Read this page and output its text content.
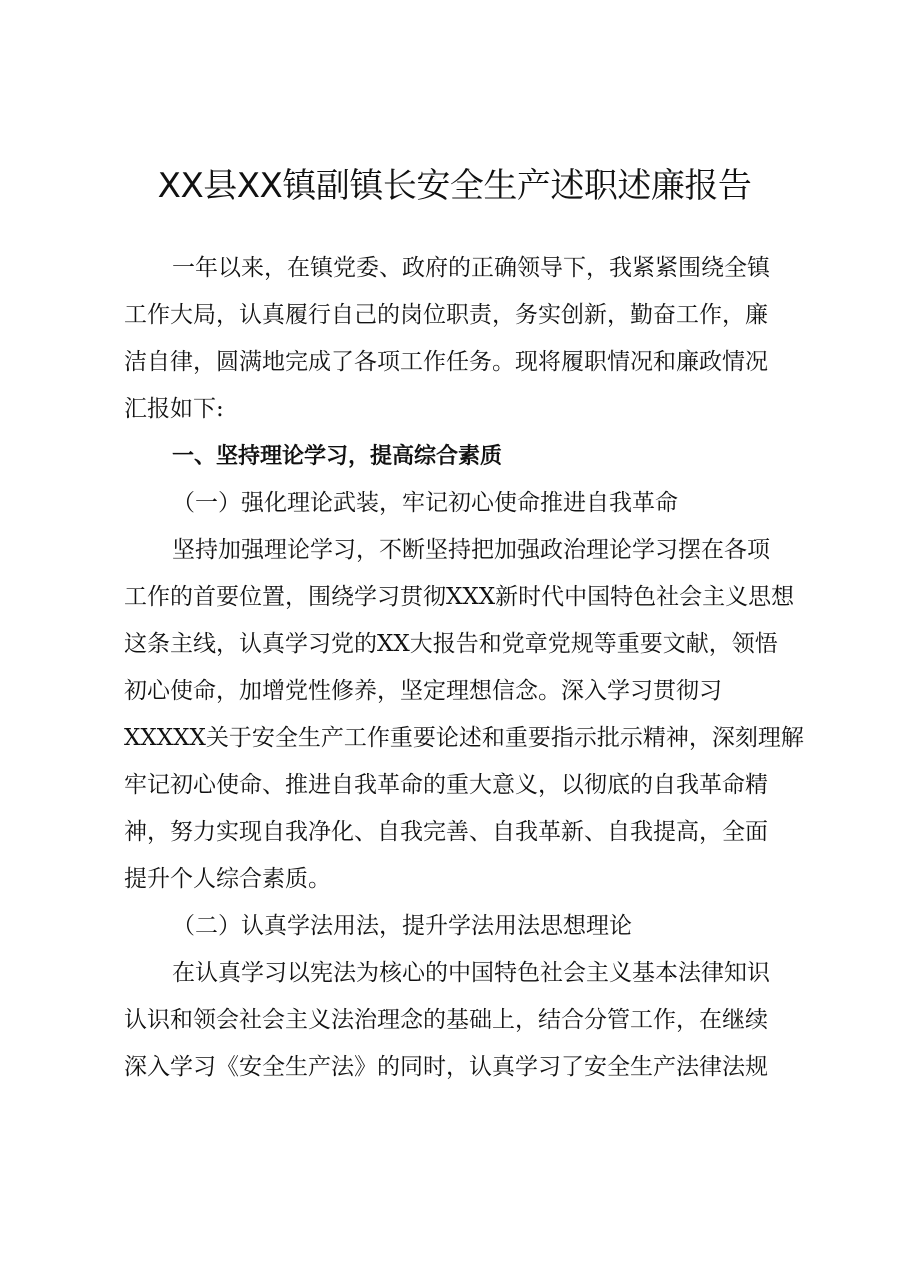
XX县XX镇副镇长安全生产述职述廉报告
一年以来，在镇党委、政府的正确领导下，我紧紧围绕全镇
工作大局，认真履行自己的岗位职责，务实创新，勤奋工作，廉
洁自律，圆满地完成了各项工作任务。现将履职情况和廉政情况
汇报如下:
一、坚持理论学习，提高综合素质
（一）强化理论武装，牢记初心使命推进自我革命
坚持加强理论学习，不断坚持把加强政治理论学习摆在各项
工作的首要位置，围绕学习贯彻XXX新时代中国特色社会主义思想
这条主线，认真学习党的XX大报告和党章党规等重要文献，领悟
初心使命，加增党性修养，坚定理想信念。深入学习贯彻习
XXXXX关于安全生产工作重要论述和重要指示批示精神，深刻理解
牢记初心使命、推进自我革命的重大意义，以彻底的自我革命精
神，努力实现自我净化、自我完善、自我革新、自我提高，全面
提升个人综合素质。
（二）认真学法用法，提升学法用法思想理论
在认真学习以宪法为核心的中国特色社会主义基本法律知识
认识和领会社会主义法治理念的基础上，结合分管工作，在继续
深入学习《安全生产法》的同时，认真学习了安全生产法律法规
